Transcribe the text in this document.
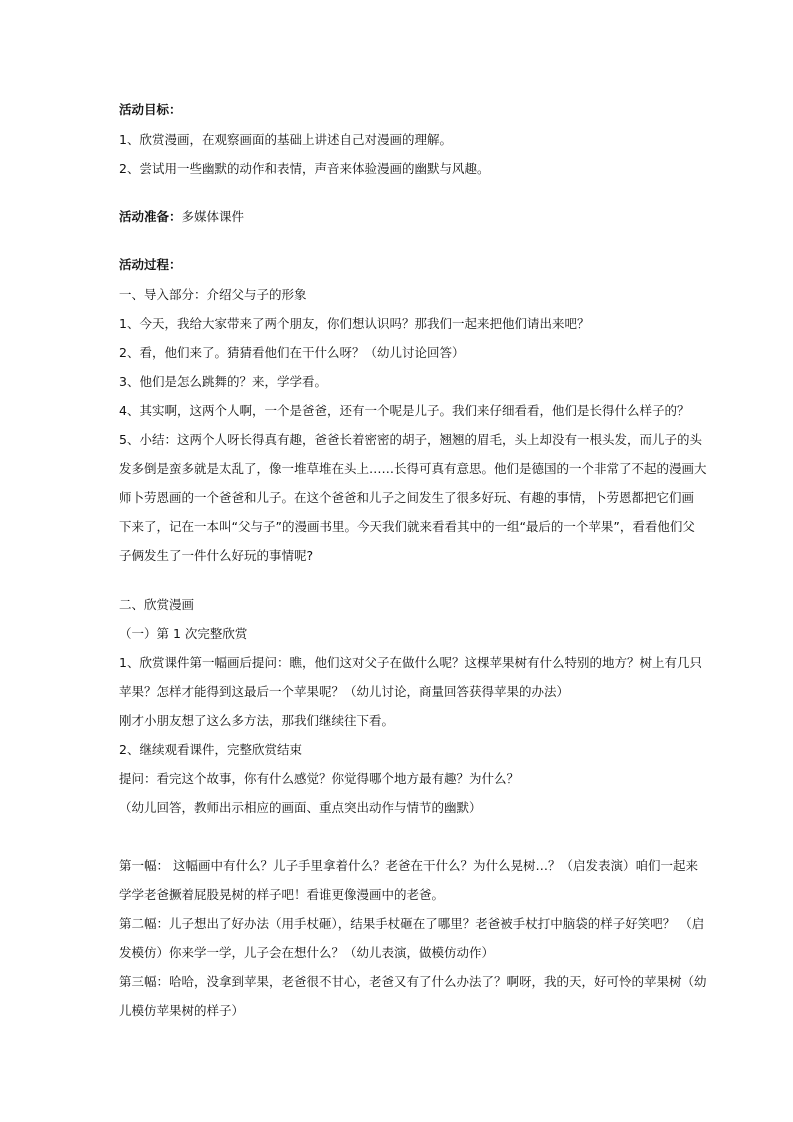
活动目标：
1、欣赏漫画，在观察画面的基础上讲述自己对漫画的理解。
2、尝试用一些幽默的动作和表情，声音来体验漫画的幽默与风趣。
活动准备：多媒体课件
活动过程：
一、导入部分：介绍父与子的形象
1、今天，我给大家带来了两个朋友，你们想认识吗？那我们一起来把他们请出来吧？
2、看，他们来了。猜猜看他们在干什么呀？（幼儿讨论回答）
3、他们是怎么跳舞的？来，学学看。
4、其实啊，这两个人啊，一个是爸爸，还有一个呢是儿子。我们来仔细看看，他们是长得什么样子的？
5、小结：这两个人呀长得真有趣，爸爸长着密密的胡子，翘翘的眉毛，头上却没有一根头发，而儿子的头
发多倒是蛮多就是太乱了，像一堆草堆在头上……长得可真有意思。他们是德国的一个非常了不起的漫画大
师卜劳恩画的一个爸爸和儿子。在这个爸爸和儿子之间发生了很多好玩、有趣的事情，卜劳恩都把它们画
下来了，记在一本叫“父与子”的漫画书里。今天我们就来看看其中的一组“最后的一个苹果”，看看他们父
子俩发生了一件什么好玩的事情呢?
二、欣赏漫画
（一）第 1 次完整欣赏
1、欣赏课件第一幅画后提问：瞧，他们这对父子在做什么呢？这棵苹果树有什么特别的地方？树上有几只
苹果？怎样才能得到这最后一个苹果呢？（幼儿讨论，商量回答获得苹果的办法）
刚才小朋友想了这么多方法，那我们继续往下看。
2、继续观看课件，完整欣赏结束
提问：看完这个故事，你有什么感觉？你觉得哪个地方最有趣？为什么？
（幼儿回答，教师出示相应的画面、重点突出动作与情节的幽默）
第一幅： 这幅画中有什么？儿子手里拿着什么？老爸在干什么？为什么晃树…？（启发表演）咱们一起来
学学老爸撅着屁股晃树的样子吧！看谁更像漫画中的老爸。
第二幅：儿子想出了好办法（用手杖砸），结果手杖砸在了哪里？老爸被手杖打中脑袋的样子好笑吧？ （启
发模仿）你来学一学，儿子会在想什么？（幼儿表演，做模仿动作）
第三幅：哈哈，没拿到苹果，老爸很不甘心，老爸又有了什么办法了？啊呀，我的天，好可怜的苹果树（幼
儿模仿苹果树的样子）
